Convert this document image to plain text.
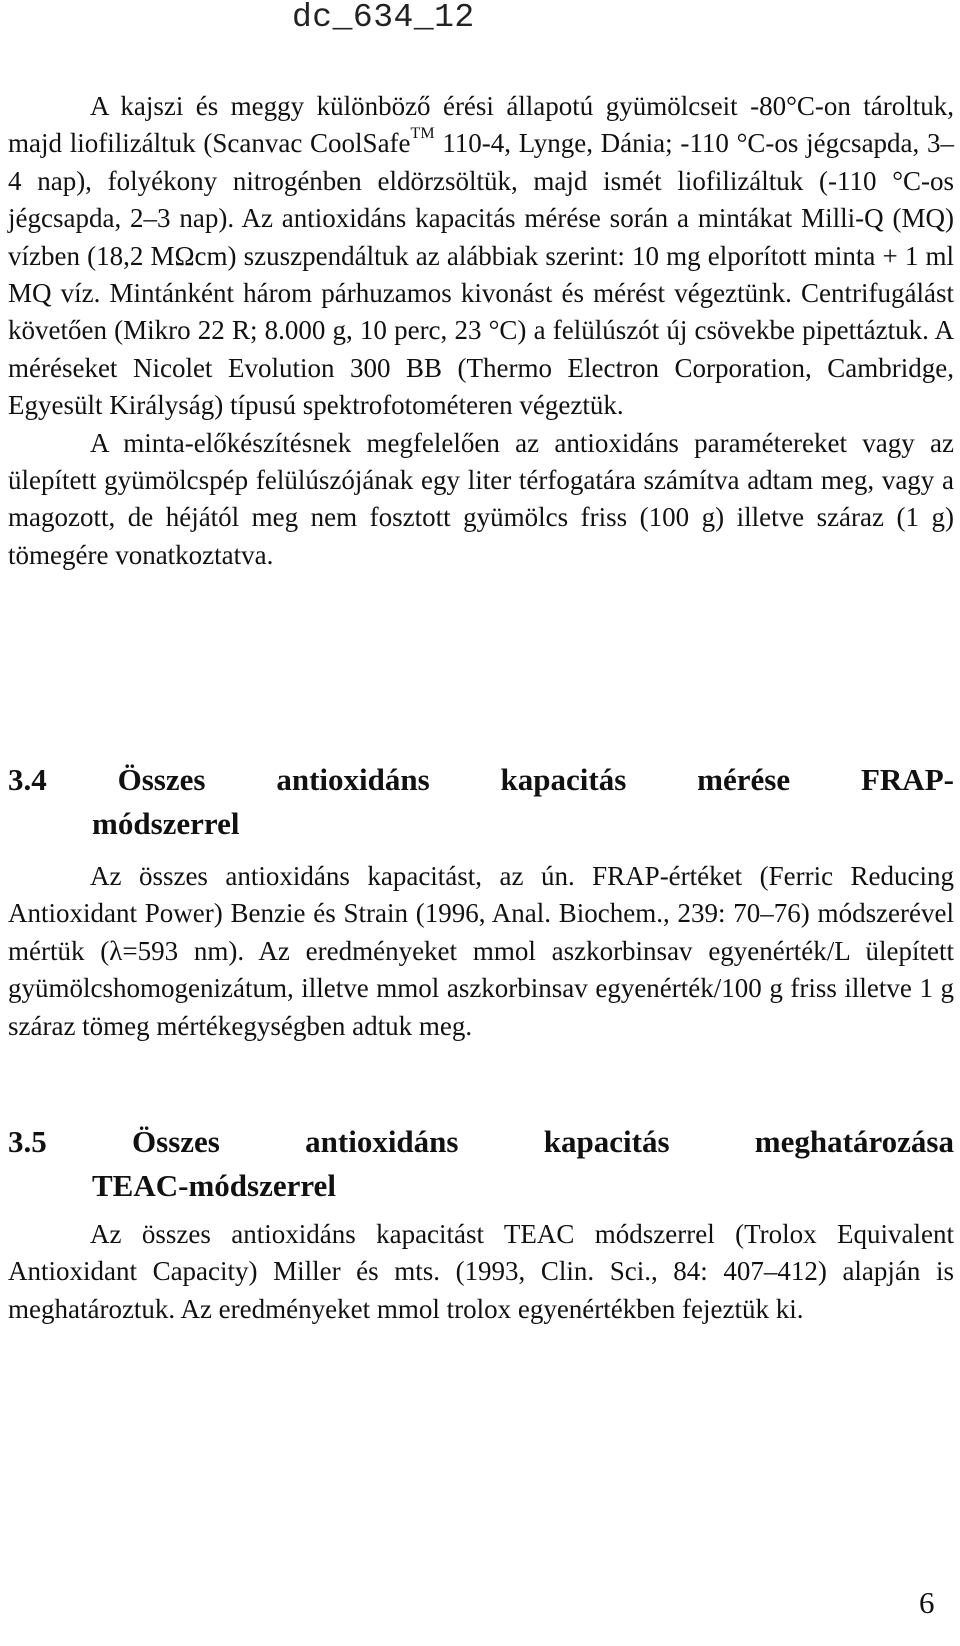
dc_634_12

A kajszi és meggy különböző érési állapotú gyümölcseit -80°C-on tároltuk, majd liofilizáltuk (Scanvac CoolSafe™ 110-4, Lynge, Dánia; -110 °C-os jégcsapda, 3–4 nap), folyékony nitrogénben eldörzsöltük, majd ismét liofilizáltuk (-110 °C-os jégcsapda, 2–3 nap). Az antioxidáns kapacitás mérése során a mintákat Milli-Q (MQ) vízben (18,2 MΩcm) szuszpendáltuk az alábbiak szerint: 10 mg elporított minta + 1 ml MQ víz. Mintánként három párhuzamos kivonást és mérést végeztünk. Centrifugálást követően (Mikro 22 R; 8.000 g, 10 perc, 23 °C) a felülúszót új csövekbe pipettáztuk. A méréseket Nicolet Evolution 300 BB (Thermo Electron Corporation, Cambridge, Egyesült Királyság) típusú spektrofotométeren végeztük.

A minta-előkészítésnek megfelelően az antioxidáns paramétereket vagy az ülepített gyümölcspép felülúszójának egy liter térfogatára számítva adtam meg, vagy a magozott, de héjától meg nem fosztott gyümölcs friss (100 g) illetve száraz (1 g) tömegére vonatkoztatva.

3.4 Összes antioxidáns kapacitás mérése FRAP-
módszerrel

Az összes antioxidáns kapacitást, az ún. FRAP-értéket (Ferric Reducing Antioxidant Power) Benzie és Strain (1996, Anal. Biochem., 239: 70–76) módszerével mértük (λ=593 nm). Az eredményeket mmol aszkorbinsav egyenérték/L ülepített gyümölcshomogenizátum, illetve mmol aszkorbinsav egyenérték/100 g friss illetve 1 g száraz tömeg mértékegységben adtuk meg.

3.5	Összes	antioxidáns	kapacitás	meghatározása
TEAC-módszerrel

Az összes antioxidáns kapacitást TEAC módszerrel (Trolox Equivalent Antioxidant Capacity) Miller és mts. (1993, Clin. Sci., 84: 407–412) alapján is meghatároztuk. Az eredményeket mmol trolox egyenértékben fejeztük ki.

6
